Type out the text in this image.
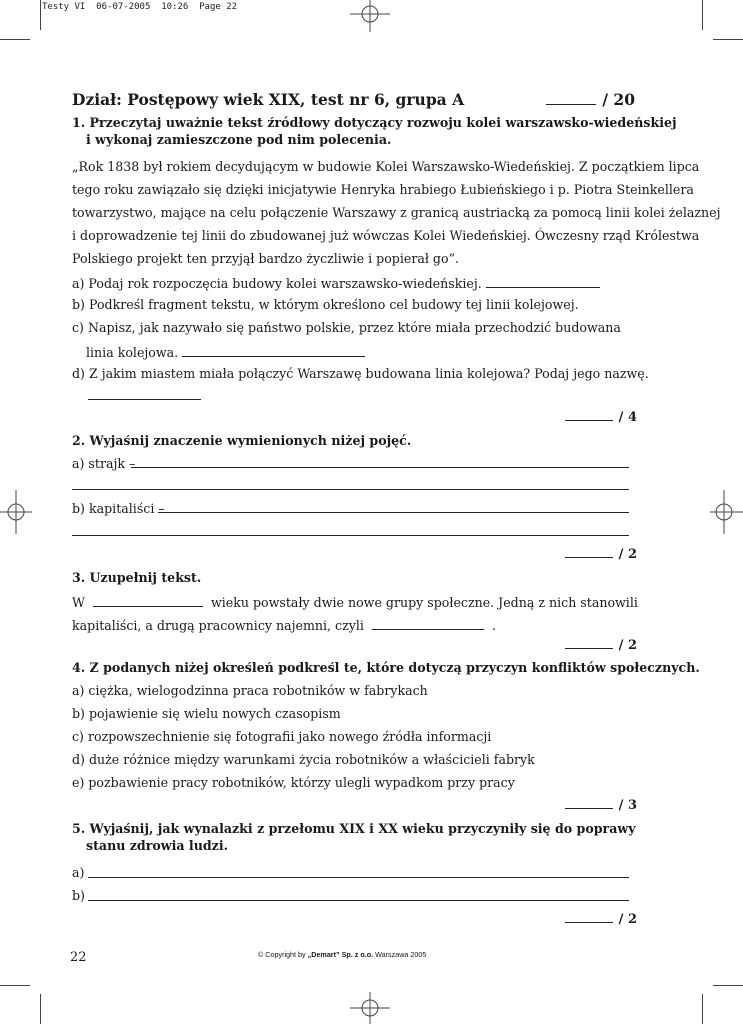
Testy VI  06-07-2005  10:26  Page 22
Dział: Postępowy wiek XIX, test nr 6, grupa A	/ 20
1. Przeczytaj uważnie tekst źródłowy dotyczący rozwoju kolei warszawsko-wiedeńskiej
i wykonaj zamieszczone pod nim polecenia.
„Rok 1838 był rokiem decydującym w budowie Kolei Warszawsko-Wiedeńskiej. Z początkiem lipca
tego roku zawiązało się dzięki inicjatywie Henryka hrabiego Łubieńskiego i p. Piotra Steinkellera
towarzystwo, mające na celu połączenie Warszawy z granicą austriacką za pomocą linii kolei żelaznej
i doprowadzenie tej linii do zbudowanej już wówczas Kolei Wiedeńskiej. Ówczesny rząd Królestwa
Polskiego projekt ten przyjął bardzo życzliwie i popierał go”.
a) Podaj rok rozpoczęcia budowy kolei warszawsko-wiedeńskiej.
b) Podkreśl fragment tekstu, w którym określono cel budowy tej linii kolejowej.
c) Napisz, jak nazywało się państwo polskie, przez które miała przechodzić budowana
linia kolejowa.
d) Z jakim miastem miała połączyć Warszawę budowana linia kolejowa? Podaj jego nazwę.
/ 4
2. Wyjaśnij znaczenie wymienionych niżej pojęć.
a) strajk –
b) kapitaliści –
/ 2
3. Uzupełnij tekst.
W	wieku powstały dwie nowe grupy społeczne. Jedną z nich stanowili
kapitaliści, a drugą pracownicy najemni, czyli	.
/ 2
4. Z podanych niżej określeń podkreśl te, które dotyczą przyczyn konfliktów społecznych.
a) ciężka, wielogodzinna praca robotników w fabrykach
b) pojawienie się wielu nowych czasopism
c) rozpowszechnienie się fotografii jako nowego źródła informacji
d) duże różnice między warunkami życia robotników a właścicieli fabryk
e) pozbawienie pracy robotników, którzy ulegli wypadkom przy pracy
/ 3
5. Wyjaśnij, jak wynalazki z przełomu XIX i XX wieku przyczyniły się do poprawy
stanu zdrowia ludzi.
a)
b)
/ 2
22	© Copyright by „Demart” Sp. z o.o. Warszawa 2005
